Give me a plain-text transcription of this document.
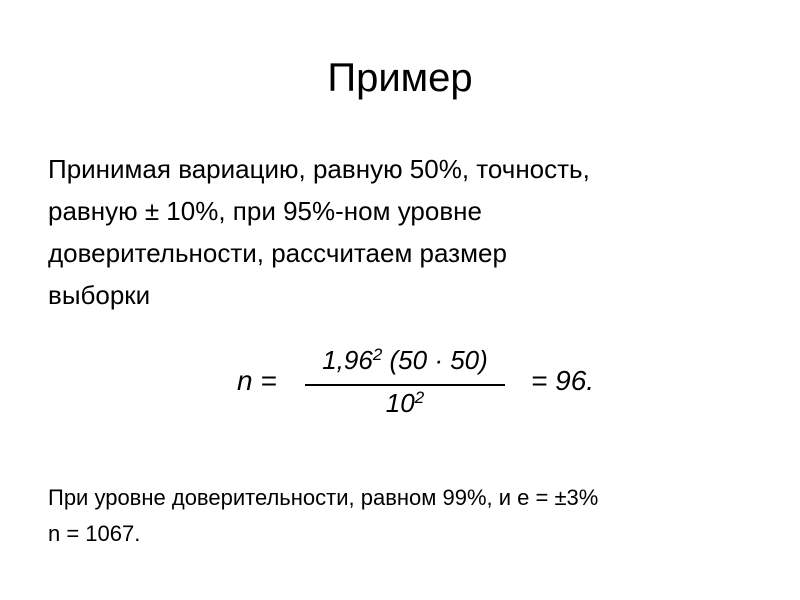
Пример
Принимая вариацию, равную 50%, точность,
равную ± 10%, при 95%-ном уровне
доверительности, рассчитаем размер
выборки
n =
$1,96^2$ (50 · 50)
$10^2$
= 96.
При уровне доверительности, равном 99%, и е = ±3%
n = 1067.
